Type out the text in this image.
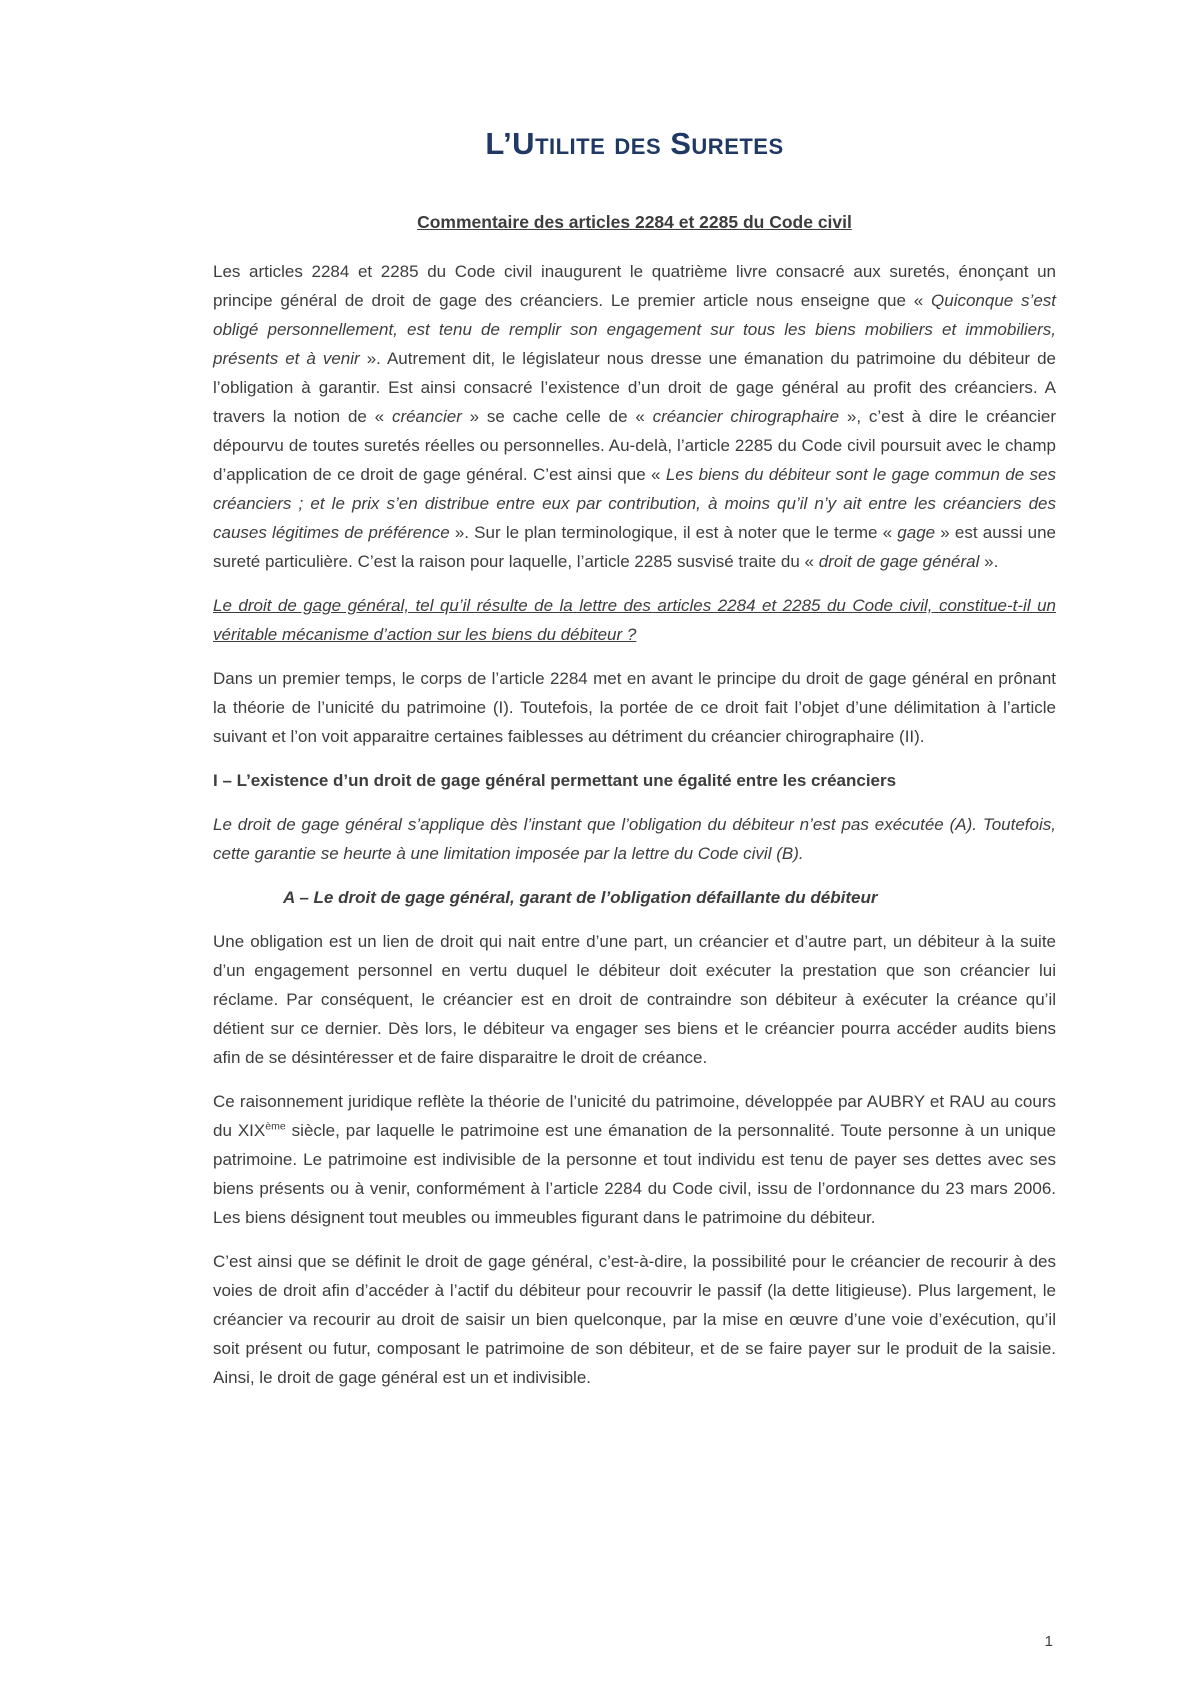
L’Utilite des Suretes
Commentaire des articles 2284 et 2285 du Code civil

Les articles 2284 et 2285 du Code civil inaugurent le quatrième livre consacré aux suretés, énonçant un principe général de droit de gage des créanciers. Le premier article nous enseigne que « Quiconque s’est obligé personnellement, est tenu de remplir son engagement sur tous les biens mobiliers et immobiliers, présents et à venir ». Autrement dit, le législateur nous dresse une émanation du patrimoine du débiteur de l’obligation à garantir. Est ainsi consacré l’existence d’un droit de gage général au profit des créanciers. A travers la notion de « créancier » se cache celle de « créancier chirographaire », c’est à dire le créancier dépourvu de toutes suretés réelles ou personnelles. Au-delà, l’article 2285 du Code civil poursuit avec le champ d’application de ce droit de gage général. C’est ainsi que « Les biens du débiteur sont le gage commun de ses créanciers ; et le prix s’en distribue entre eux par contribution, à moins qu’il n’y ait entre les créanciers des causes légitimes de préférence ». Sur le plan terminologique, il est à noter que le terme « gage » est aussi une sureté particulière. C’est la raison pour laquelle, l’article 2285 susvisé traite du « droit de gage général ».

Le droit de gage général, tel qu’il résulte de la lettre des articles 2284 et 2285 du Code civil, constitue-t-il un véritable mécanisme d’action sur les biens du débiteur ?

Dans un premier temps, le corps de l’article 2284 met en avant le principe du droit de gage général en prônant la théorie de l’unicité du patrimoine (I). Toutefois, la portée de ce droit fait l’objet d’une délimitation à l’article suivant et l’on voit apparaitre certaines faiblesses au détriment du créancier chirographaire (II).

I – L’existence d’un droit de gage général permettant une égalité entre les créanciers

Le droit de gage général s’applique dès l’instant que l’obligation du débiteur n’est pas exécutée (A). Toutefois, cette garantie se heurte à une limitation imposée par la lettre du Code civil (B).

A – Le droit de gage général, garant de l’obligation défaillante du débiteur

Une obligation est un lien de droit qui nait entre d’une part, un créancier et d’autre part, un débiteur à la suite d’un engagement personnel en vertu duquel le débiteur doit exécuter la prestation que son créancier lui réclame. Par conséquent, le créancier est en droit de contraindre son débiteur à exécuter la créance qu’il détient sur ce dernier. Dès lors, le débiteur va engager ses biens et le créancier pourra accéder audits biens afin de se désintéresser et de faire disparaitre le droit de créance.

Ce raisonnement juridique reflète la théorie de l’unicité du patrimoine, développée par AUBRY et RAU au cours du XIXème siècle, par laquelle le patrimoine est une émanation de la personnalité. Toute personne à un unique patrimoine. Le patrimoine est indivisible de la personne et tout individu est tenu de payer ses dettes avec ses biens présents ou à venir, conformément à l’article 2284 du Code civil, issu de l’ordonnance du 23 mars 2006. Les biens désignent tout meubles ou immeubles figurant dans le patrimoine du débiteur.

C’est ainsi que se définit le droit de gage général, c’est-à-dire, la possibilité pour le créancier de recourir à des voies de droit afin d’accéder à l’actif du débiteur pour recouvrir le passif (la dette litigieuse). Plus largement, le créancier va recourir au droit de saisir un bien quelconque, par la mise en œuvre d’une voie d’exécution, qu’il soit présent ou futur, composant le patrimoine de son débiteur, et de se faire payer sur le produit de la saisie. Ainsi, le droit de gage général est un et indivisible.

1
